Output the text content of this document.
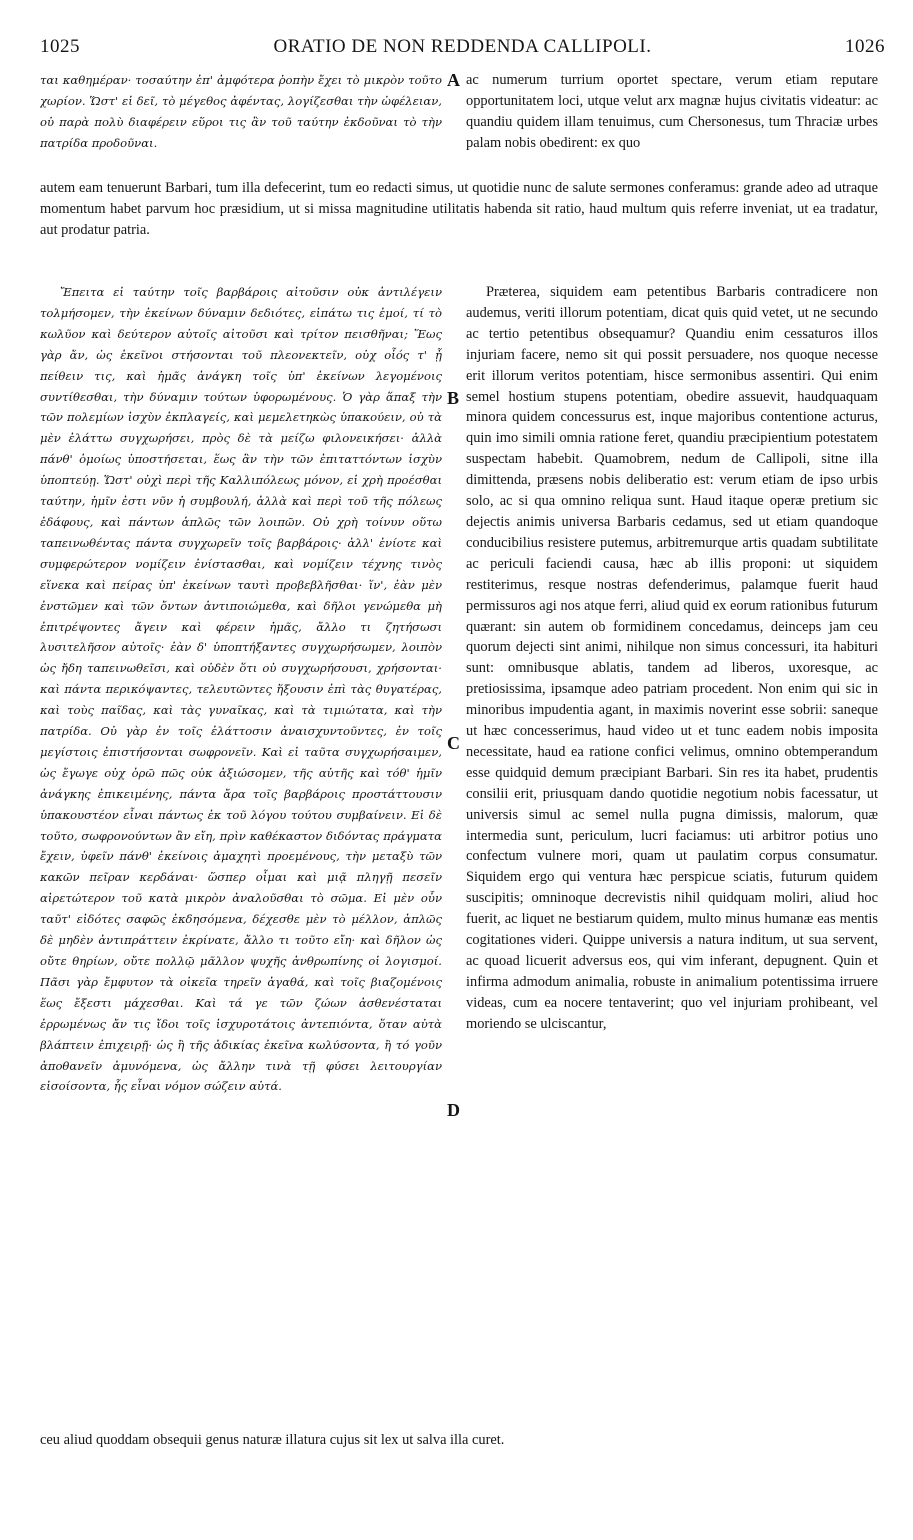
1025	ORATIO DE NON REDDENDA CALLIPOLI.	1026

ται καθημέραν· τοσαύτην ἐπ' ἀμφότερα ῥοπὴν ἔχει τὸ μικρὸν τοῦτο χωρίον. Ὥστ' εἰ δεῖ, τὸ μέγεθος ἀφέντας, λογίζεσθαι τὴν ὠφέλειαν, οὐ παρὰ πολὺ διαφέρειν εὕροι τις ἂν τοῦ ταύτην ἐκδοῦναι τὸ τὴν πατρίδα προδοῦναι.

A ac numerum turrium oportet spectare, verum etiam reputare opportunitatem loci, utque velut arx magnæ hujus civitatis videatur: ac quandiu quidem illam tenuimus, cum Chersonesus, tum Thraciæ urbes palam nobis obedirent: ex quo

autem eam tenuerunt Barbari, tum illa defecerint, tum eo redacti simus, ut quotidie nunc de salute sermones conferamus: grande adeo ad utraque momentum habet parvum hoc præsidium, ut si missa magnitudine utilitatis habenda sit ratio, haud multum quis referre inveniat, ut ea tradatur, aut prodatur patria.

Ἔπειτα εἰ ταύτην τοῖς βαρβάροις αἰτοῦσιν οὐκ ἀντιλέγειν τολμήσομεν, τὴν ἐκείνων δύναμιν δεδιότες, εἰπάτω τις ἐμοί, τί τὸ κωλῦον καὶ δεύτερον αὐτοῖς αἰτοῦσι καὶ τρίτον πεισθῆναι; Ἕως γὰρ ἄν, ὡς ἐκεῖνοι στήσονται τοῦ πλεονεκτεῖν, οὐχ οἷός τ' ᾖ πείθειν τις, καὶ ἡμᾶς ἀνάγκη τοῖς ὑπ' ἐκείνων λεγομένοις συντίθεσθαι, τὴν δύναμιν τούτων ὑφορωμένους. Ὁ γὰρ ἅπαξ τὴν τῶν πολεμίων ἰσχὺν ἐκπλαγείς, καὶ μεμελετηκὼς ὑπακούειν, οὐ τὰ μὲν ἐλάττω συγχωρήσει, πρὸς δὲ τὰ μείζω φιλονεικήσει· ἀλλὰ πάνθ' ὁμοίως ὑποστήσεται, ἕως ἂν τὴν τῶν ἐπιταττόντων ἰσχὺν ὑποπτεύῃ. Ὥστ' οὐχὶ περὶ τῆς Καλλιπόλεως μόνον, εἰ χρὴ προέσθαι ταύτην, ἡμῖν ἐστι νῦν ἡ συμβουλή, ἀλλὰ καὶ περὶ τοῦ τῆς πόλεως ἐδάφους, καὶ πάντων ἁπλῶς τῶν λοιπῶν. Οὐ χρὴ τοίνυν οὕτω ταπεινωθέντας πάντα συγχωρεῖν τοῖς βαρβάροις· ἀλλ' ἐνίοτε καὶ συμφερώτερον νομίζειν ἐνίστασθαι, καὶ νομίζειν τέχνης τινὸς εἵνεκα καὶ πείρας ὑπ' ἐκείνων ταυτὶ προβεβλῆσθαι· ἵν', ἐὰν μὲν ἐνστῶμεν καὶ τῶν ὄντων ἀντιποιώμεθα, καὶ δῆλοι γενώμεθα μὴ ἐπιτρέψοντες ἄγειν καὶ φέρειν ἡμᾶς, ἄλλο τι ζητήσωσι λυσιτελῆσον αὐτοῖς· ἐὰν δ' ὑποπτήξαντες συγχωρήσωμεν, λοιπὸν ὡς ἤδη ταπεινωθεῖσι, καὶ οὐδὲν ὅτι οὐ συγχωρήσουσι, χρήσονται· καὶ πάντα περικόψαντες, τελευτῶντες ἥξουσιν ἐπὶ τὰς θυγατέρας, καὶ τοὺς παῖδας, καὶ τὰς γυναῖκας, καὶ τὰ τιμιώτατα, καὶ τὴν πατρίδα. Οὐ γὰρ ἐν τοῖς ἐλάττοσιν ἀναισχυντοῦντες, ἐν τοῖς μεγίστοις ἐπιστήσονται σωφρονεῖν. Καὶ εἰ ταῦτα συγχωρήσαιμεν, ὡς ἔγωγε οὐχ ὁρῶ πῶς οὐκ ἀξιώσομεν, τῆς αὐτῆς καὶ τόθ' ἡμῖν ἀνάγκης ἐπικειμένης, πάντα ἄρα τοῖς βαρβάροις προστάττουσιν ὑπακουστέον εἶναι πάντως ἐκ τοῦ λόγου τούτου συμβαίνειν. Εἰ δὲ τοῦτο, σωφρονούντων ἂν εἴη, πρὶν καθέκαστον διδόντας πράγματα ἔχειν, ὑφεῖν πάνθ' ἐκείνοις ἀμαχητὶ προεμένους, τὴν μεταξὺ τῶν κακῶν πεῖραν κερδάναι· ὥσπερ οἶμαι καὶ μιᾷ πληγῇ πεσεῖν αἱρετώτερον τοῦ κατὰ μικρὸν ἀναλοῦσθαι τὸ σῶμα. Εἰ μὲν οὖν ταῦτ' εἰδότες σαφῶς ἐκδησόμενα, δέχεσθε μὲν τὸ μέλλον, ἁπλῶς δὲ μηδὲν ἀντιπράττειν ἐκρίνατε, ἄλλο τι τοῦτο εἴη· καὶ δῆλον ὡς οὔτε θηρίων, οὔτε πολλῷ μᾶλλον ψυχῆς ἀνθρωπίνης οἱ λογισμοί. Πᾶσι γὰρ ἔμφυτον τὰ οἰκεῖα τηρεῖν ἀγαθά, καὶ τοῖς βιαζομένοις ἕως ἔξεστι μάχεσθαι. Καὶ τά γε τῶν ζώων ἀσθενέσταται ἐρρωμένως ἄν τις ἴδοι τοῖς ἰσχυροτάτοις ἀντεπιόντα, ὅταν αὐτὰ βλάπτειν ἐπιχειρῇ· ὡς ἢ τῆς ἀδικίας ἐκεῖνα κωλύσοντα, ἢ τό γοῦν ἀποθανεῖν ἀμυνόμενα, ὡς ἄλλην τινὰ τῇ φύσει λειτουργίαν εἰσοίσοντα, ἧς εἶναι νόμον σώζειν αὐτά.

B
C
D

Præterea, siquidem eam petentibus Barbaris contradicere non audemus, veriti illorum potentiam, dicat quis quid vetet, ut ne secundo ac tertio petentibus obsequamur? Quandiu enim cessaturos illos injuriam facere, nemo sit qui possit persuadere, nos quoque necesse erit illorum veritos potentiam, hisce sermonibus assentiri. Qui enim semel hostium stupens potentiam, obedire assuevit, haudquaquam minora quidem concessurus est, inque majoribus contentione acturus, quin imo simili omnia ratione feret, quandiu præcipientium potestatem suspectam habebit. Quamobrem, nedum de Callipoli, sitne illa dimittenda, præsens nobis deliberatio est: verum etiam de ipso urbis solo, ac si qua omnino reliqua sunt. Haud itaque operæ pretium sic dejectis animis universa Barbaris cedamus, sed ut etiam quandoque conducibilius resistere putemus, arbitremurque artis quadam subtilitate ac periculi faciendi causa, hæc ab illis proponi: ut siquidem restiterimus, resque nostras defenderimus, palamque fuerit haud permissuros agi nos atque ferri, aliud quid ex eorum rationibus futurum quærant: sin autem ob formidinem concedamus, deinceps jam ceu quorum dejecti sint animi, nihilque non simus concessuri, ita habituri sunt: omnibusque ablatis, tandem ad liberos, uxoresque, ac pretiosissima, ipsamque adeo patriam procedent. Non enim qui sic in minoribus impudentia agant, in maximis noverint esse sobrii: saneque ut hæc concesserimus, haud video ut et tunc eadem nobis imposita necessitate, haud ea ratione confici velimus, omnino obtemperandum esse quidquid demum præcipiant Barbari. Sin res ita habet, prudentis consilii erit, priusquam dando quotidie negotium nobis facessatur, ut universis simul ac semel nulla pugna dimissis, malorum, quæ intermedia sunt, periculum, lucri faciamus: uti arbitror potius uno confectum vulnere mori, quam ut paulatim corpus consumatur. Siquidem ergo qui ventura hæc perspicue sciatis, futurum quidem suscipitis; omninoque decrevistis nihil quidquam moliri, aliud hoc fuerit, ac liquet ne bestiarum quidem, multo minus humanæ eas mentis cogitationes videri. Quippe universis a natura inditum, ut sua servent, ac quoad licuerit adversus eos, qui vim inferant, depugnent. Quin et infirma admodum animalia, robuste in animalium potentissima irruere videas, cum ea nocere tentaverint; quo vel injuriam prohibeant, vel moriendo se ulciscantur,

ceu aliud quoddam obsequii genus naturæ illatura cujus sit lex ut salva illa curet.
